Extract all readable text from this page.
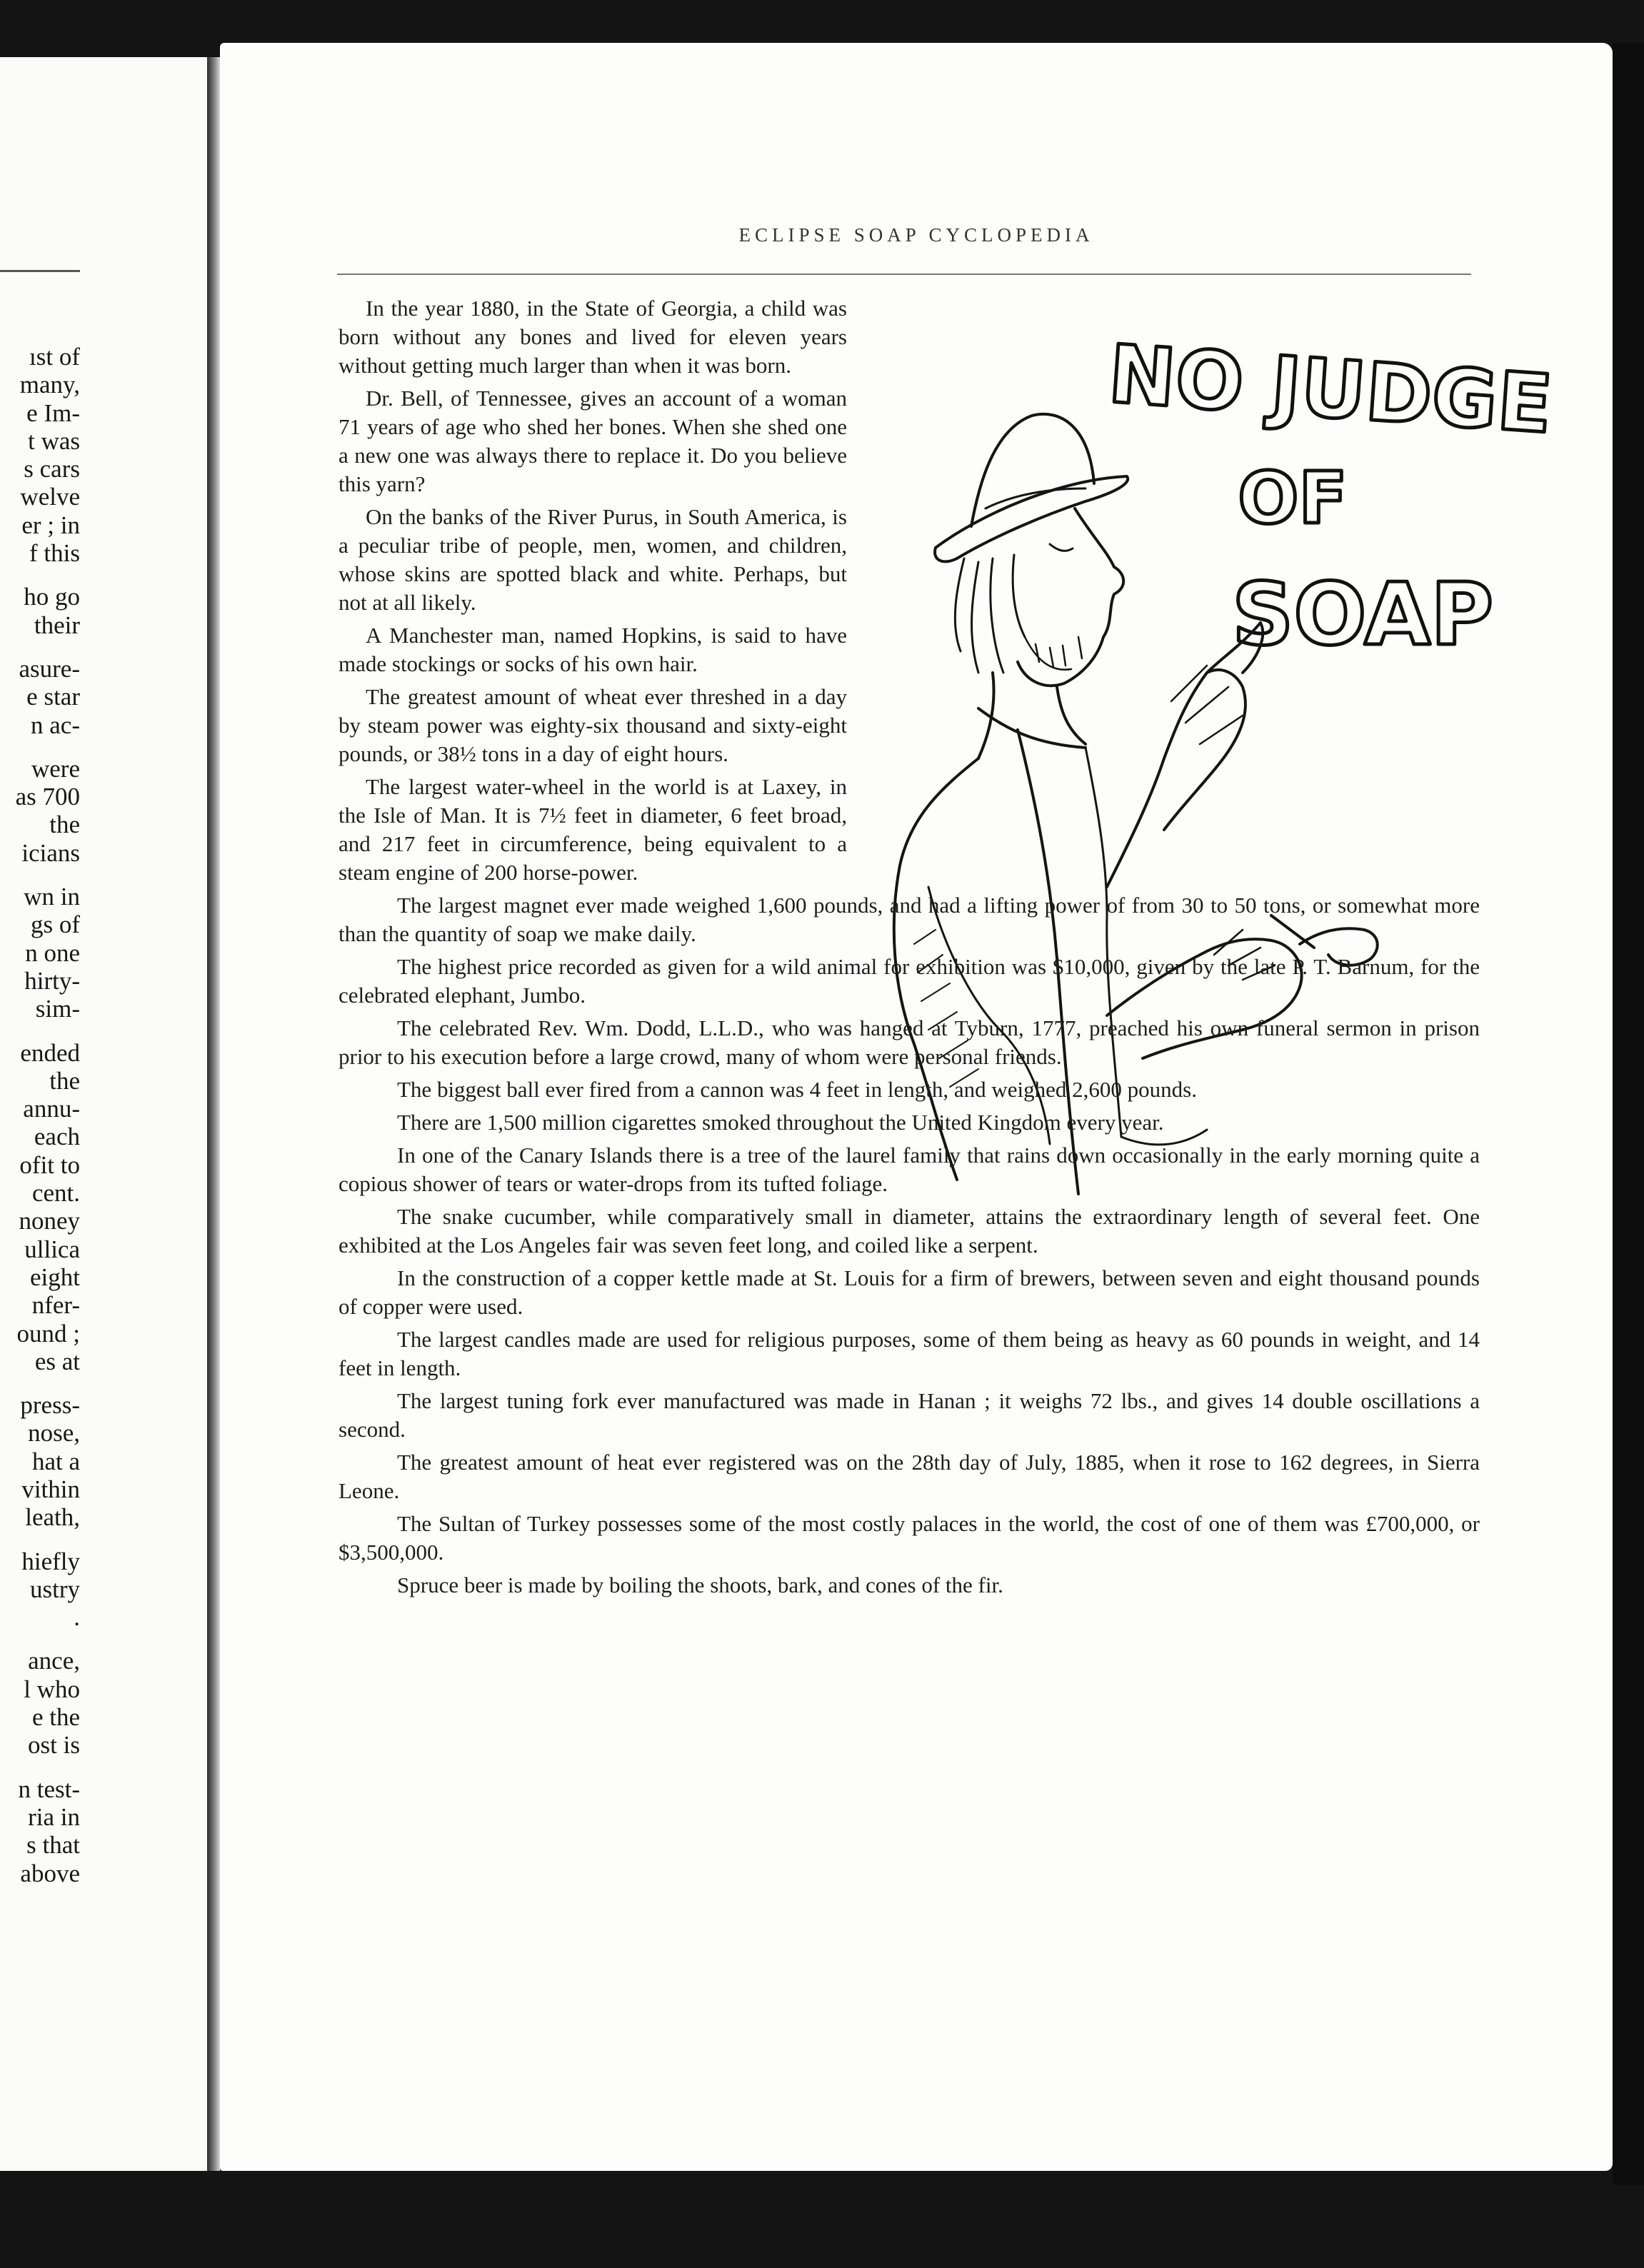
ıst of
many,
e Im-
t was
s cars
welve
er ; in
f this
ho go
their
asure-
e star
n ac-
were
as 700
the
icians
wn in
gs of
n one
hirty-
sim-
ended
the
annu-
each
ofit to
cent.
noney
ullica
eight
nfer-
ound ;
es at
press-
nose,
hat a
vithin
leath,
hiefly
ustry
.
ance,
l who
e the
ost is
n test-
ria in
s that
above
ECLIPSE SOAP CYCLOPEDIA
NO JUDGE
OF
SOAP

In the year 1880, in the State of Georgia, a child was born without any bones and lived for eleven years without getting much larger than when it was born.

Dr. Bell, of Tennessee, gives an account of a woman 71 years of age who shed her bones. When she shed one a new one was always there to replace it. Do you believe this yarn?

On the banks of the River Purus, in South America, is a peculiar tribe of people, men, women, and children, whose skins are spotted black and white. Perhaps, but not at all likely.

A Manchester man, named Hopkins, is said to have made stockings or socks of his own hair.

The greatest amount of wheat ever threshed in a day by steam power was eighty-six thousand and sixty-eight pounds, or 38½ tons in a day of eight hours.

The largest water-wheel in the world is at Laxey, in the Isle of Man. It is 7½ feet in diameter, 6 feet broad, and 217 feet in circumference, being equivalent to a steam engine of 200 horse-power.

The largest magnet ever made weighed 1,600 pounds, and had a lifting power of from 30 to 50 tons, or somewhat more than the quantity of soap we make daily.

The highest price recorded as given for a wild animal for exhibition was $10,000, given by the late P. T. Barnum, for the celebrated elephant, Jumbo.

The celebrated Rev. Wm. Dodd, L.L.D., who was hanged at Tyburn, 1777, preached his own funeral sermon in prison prior to his execution before a large crowd, many of whom were personal friends.

The biggest ball ever fired from a cannon was 4 feet in length, and weighed 2,600 pounds.

There are 1,500 million cigarettes smoked throughout the United Kingdom every year.

In one of the Canary Islands there is a tree of the laurel family that rains down occasionally in the early morning quite a copious shower of tears or water-drops from its tufted foliage.

The snake cucumber, while comparatively small in diameter, attains the extraordinary length of several feet. One exhibited at the Los Angeles fair was seven feet long, and coiled like a serpent.

In the construction of a copper kettle made at St. Louis for a firm of brewers, between seven and eight thousand pounds of copper were used.

The largest candles made are used for religious purposes, some of them being as heavy as 60 pounds in weight, and 14 feet in length.

The largest tuning fork ever manufactured was made in Hanan ; it weighs 72 lbs., and gives 14 double oscillations a second.

The greatest amount of heat ever registered was on the 28th day of July, 1885, when it rose to 162 degrees, in Sierra Leone.

The Sultan of Turkey possesses some of the most costly palaces in the world, the cost of one of them was £700,000, or $3,500,000.

Spruce beer is made by boiling the shoots, bark, and cones of the fir.
